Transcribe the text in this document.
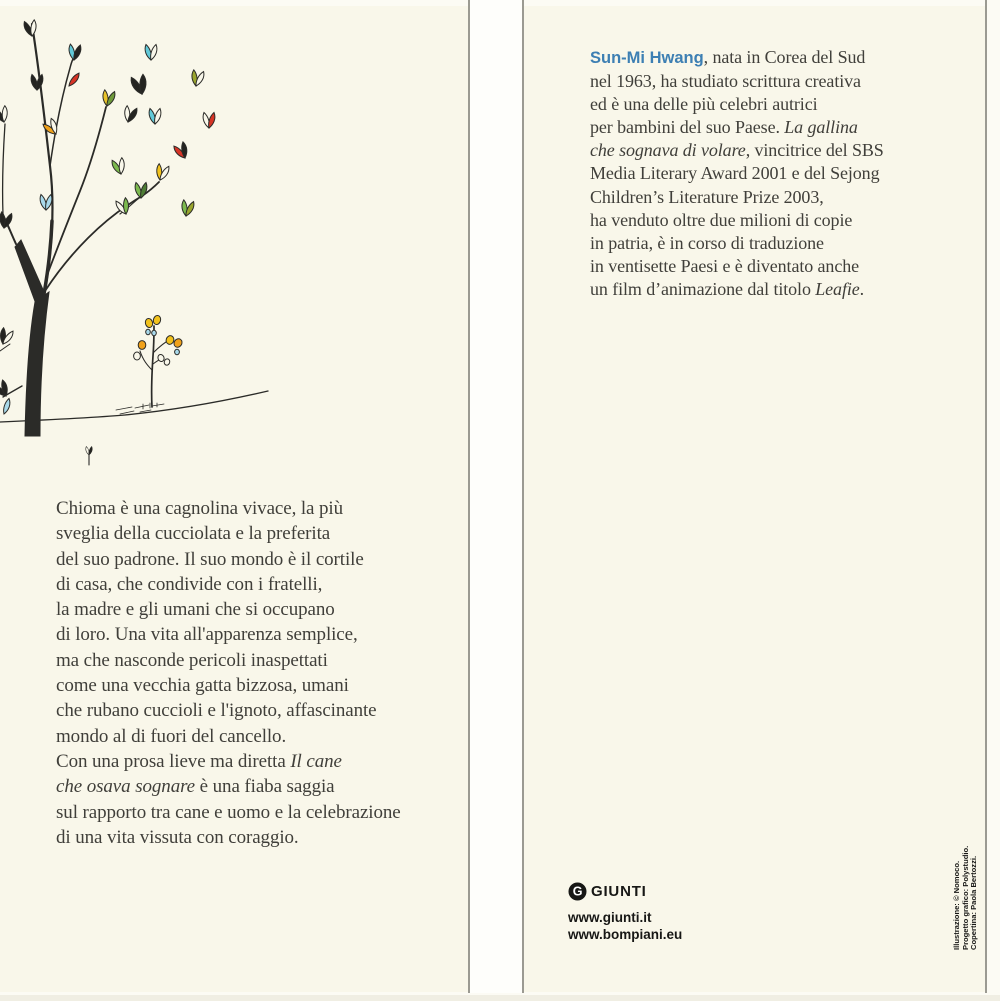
Chioma è una cagnolina vivace, la più
sveglia della cucciolata e la preferita
del suo padrone. Il suo mondo è il cortile
di casa, che condivide con i fratelli,
la madre e gli umani che si occupano
di loro. Una vita all'apparenza semplice,
ma che nasconde pericoli inaspettati
come una vecchia gatta bizzosa, umani
che rubano cuccioli e l'ignoto, affascinante
mondo al di fuori del cancello.
Con una prosa lieve ma diretta Il cane
che osava sognare è una fiaba saggia
sul rapporto tra cane e uomo e la celebrazione
di una vita vissuta con coraggio.
Sun-Mi Hwang, nata in Corea del Sud
nel 1963, ha studiato scrittura creativa
ed è una delle più celebri autrici
per bambini del suo Paese. La gallina
che sognava di volare, vincitrice del SBS
Media Literary Award 2001 e del Sejong
Children’s Literature Prize 2003,
ha venduto oltre due milioni di copie
in patria, è in corso di traduzione
in ventisette Paesi e è diventato anche
un film d’animazione dal titolo Leafie.
G GIUNTI
www.giunti.it
www.bompiani.eu	Illustrazione: © Nomoco. Progetto grafico: Polystudio. Copertina: Paola Bertozzi.
